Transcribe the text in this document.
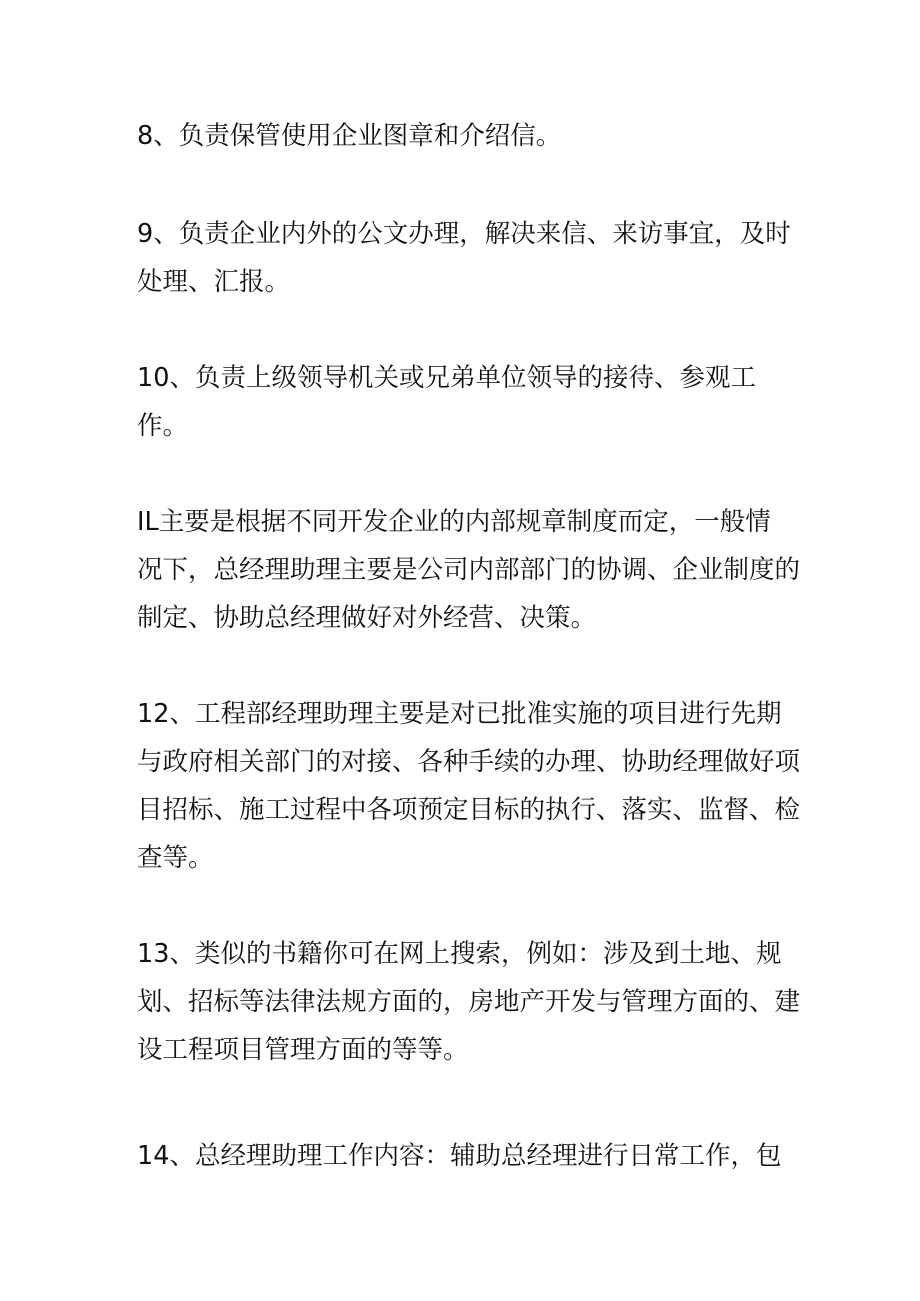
8、负责保管使用企业图章和介绍信。
9、负责企业内外的公文办理，解决来信、来访事宜，及时
处理、汇报。
10、负责上级领导机关或兄弟单位领导的接待、参观工
作。
IL主要是根据不同开发企业的内部规章制度而定，一般情
况下，总经理助理主要是公司内部部门的协调、企业制度的
制定、协助总经理做好对外经营、决策。
12、工程部经理助理主要是对已批准实施的项目进行先期
与政府相关部门的对接、各种手续的办理、协助经理做好项
目招标、施工过程中各项预定目标的执行、落实、监督、检
查等。
13、类似的书籍你可在网上搜索，例如：涉及到土地、规
划、招标等法律法规方面的，房地产开发与管理方面的、建
设工程项目管理方面的等等。
14、总经理助理工作内容：辅助总经理进行日常工作，包
